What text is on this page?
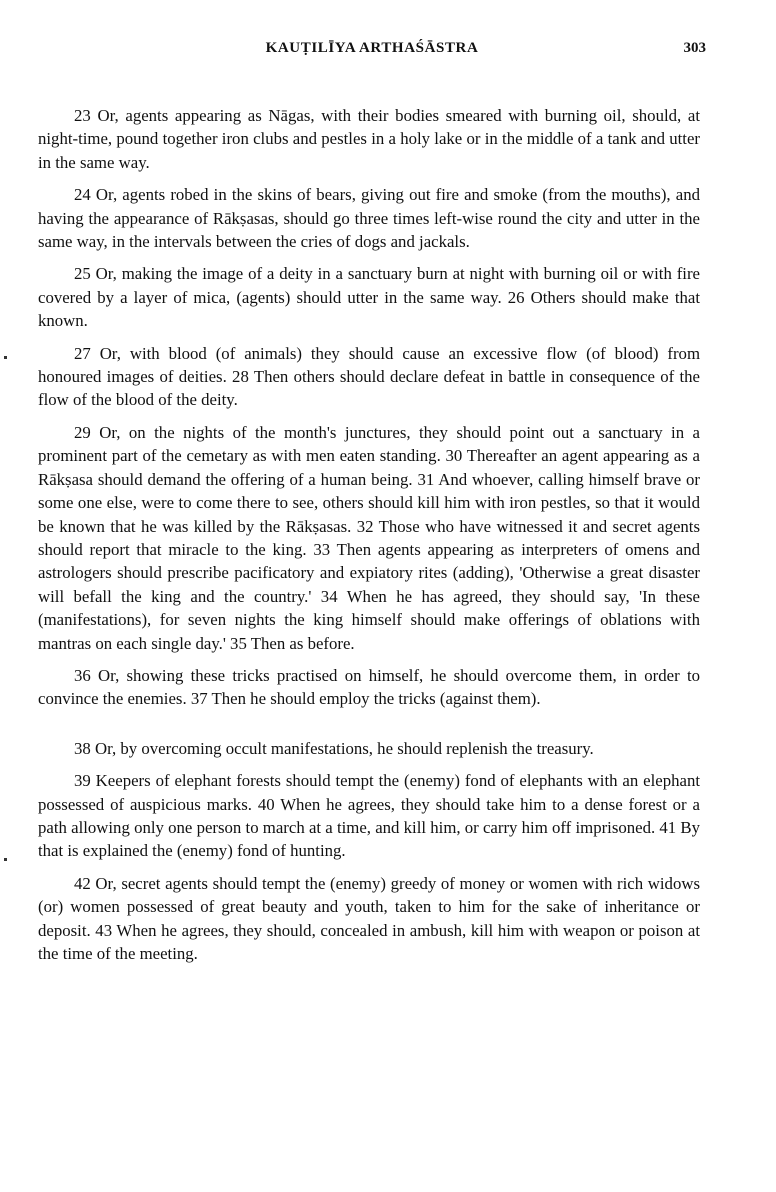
KAUṬILĪYA ARTHAŚĀSTRA	303

23 Or, agents appearing as Nāgas, with their bodies smeared with burning oil, should, at night-time, pound together iron clubs and pestles in a holy lake or in the middle of a tank and utter in the same way.

24 Or, agents robed in the skins of bears, giving out fire and smoke (from the mouths), and having the appearance of Rākṣasas, should go three times left-wise round the city and utter in the same way, in the intervals between the cries of dogs and jackals.

25 Or, making the image of a deity in a sanctuary burn at night with burning oil or with fire covered by a layer of mica, (agents) should utter in the same way. 26 Others should make that known.

27 Or, with blood (of animals) they should cause an excessive flow (of blood) from honoured images of deities. 28 Then others should declare defeat in battle in consequence of the flow of the blood of the deity.

29 Or, on the nights of the month's junctures, they should point out a sanctuary in a prominent part of the cemetary as with men eaten standing. 30 Thereafter an agent appearing as a Rākṣasa should demand the offering of a human being. 31 And whoever, calling himself brave or some one else, were to come there to see, others should kill him with iron pestles, so that it would be known that he was killed by the Rākṣasas. 32 Those who have witnessed it and secret agents should report that miracle to the king. 33 Then agents appearing as interpreters of omens and astrologers should prescribe pacificatory and expiatory rites (adding), 'Otherwise a great disaster will befall the king and the country.' 34 When he has agreed, they should say, 'In these (manifestations), for seven nights the king himself should make offerings of oblations with mantras on each single day.' 35 Then as before.

36 Or, showing these tricks practised on himself, he should overcome them, in order to convince the enemies. 37 Then he should employ the tricks (against them).

38 Or, by overcoming occult manifestations, he should replenish the treasury.

39 Keepers of elephant forests should tempt the (enemy) fond of elephants with an elephant possessed of auspicious marks. 40 When he agrees, they should take him to a dense forest or a path allowing only one person to march at a time, and kill him, or carry him off imprisoned. 41 By that is explained the (enemy) fond of hunting.

42 Or, secret agents should tempt the (enemy) greedy of money or women with rich widows (or) women possessed of great beauty and youth, taken to him for the sake of inheritance or deposit. 43 When he agrees, they should, concealed in ambush, kill him with weapon or poison at the time of the meeting.
